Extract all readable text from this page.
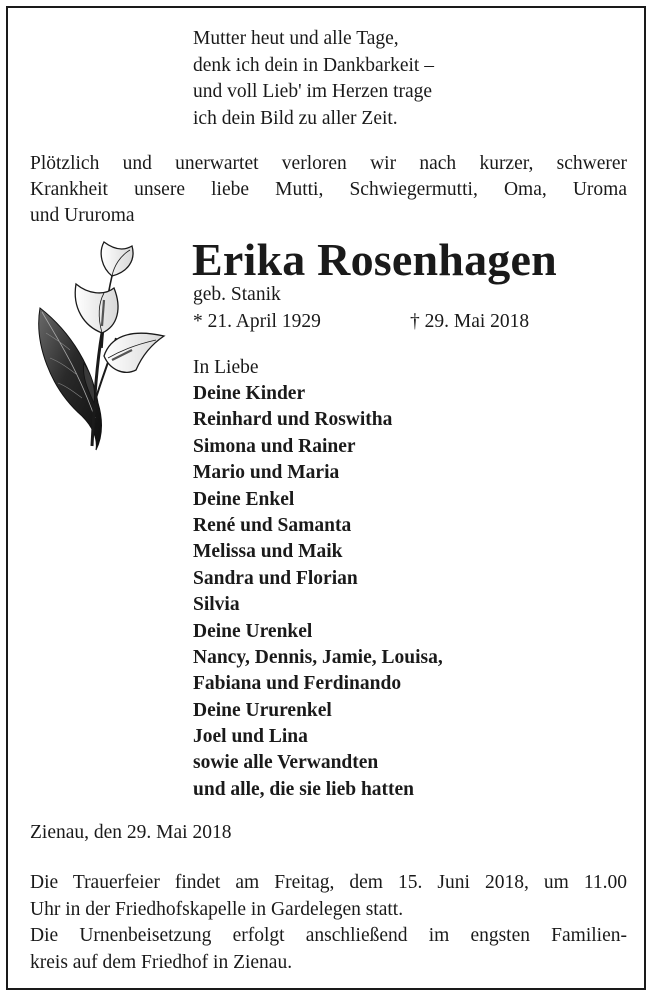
Mutter heut und alle Tage,
denk ich dein in Dankbarkeit –
und voll Lieb' im Herzen trage
ich dein Bild zu aller Zeit.
Plötzlich und unerwartet verloren wir nach kurzer, schwerer
Krankheit unsere liebe Mutti, Schwiegermutti, Oma, Uroma
und Ururoma
Erika Rosenhagen
geb. Stanik
* 21. April 1929	† 29. Mai 2018
In Liebe
Deine Kinder
Reinhard und Roswitha
Simona und Rainer
Mario und Maria
Deine Enkel
René und Samanta
Melissa und Maik
Sandra und Florian
Silvia
Deine Urenkel
Nancy, Dennis, Jamie, Louisa,
Fabiana und Ferdinando
Deine Ururenkel
Joel und Lina
sowie alle Verwandten
und alle, die sie lieb hatten
Zienau, den 29. Mai 2018
Die Trauerfeier findet am Freitag, dem 15. Juni 2018, um 11.00
Uhr in der Friedhofskapelle in Gardelegen statt.
Die Urnenbeisetzung erfolgt anschließend im engsten Familien-
kreis auf dem Friedhof in Zienau.
